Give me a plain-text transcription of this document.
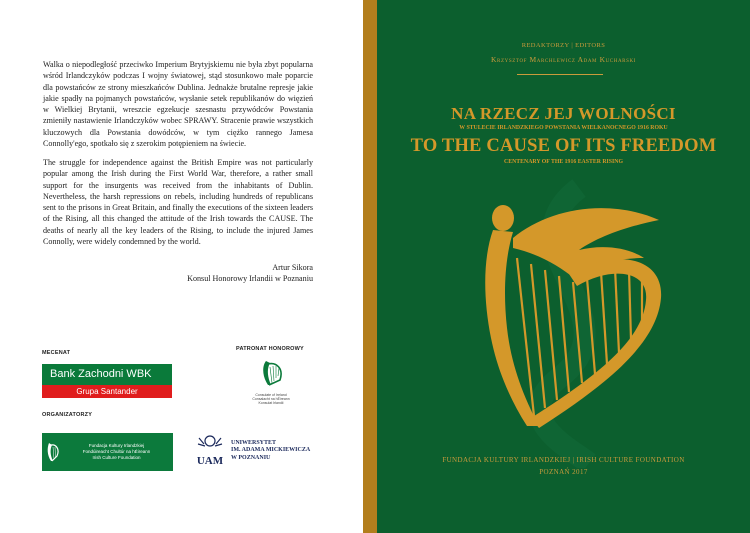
Walka o niepodległość przeciwko Imperium Brytyjskiemu nie była zbyt popularna wśród Irlandczyków podczas I wojny światowej, stąd stosunkowo małe poparcie dla powstańców ze strony mieszkańców Dublina. Jednakże brutalne represje jakie jakie spadły na pojmanych powstańców, wysłanie setek republikanów do więzień w Wielkiej Brytanii, wreszcie egzekucje szesnastu przywódców Powstania zmieniły nastawienie Irlandczyków wobec SPRAWY. Stracenie prawie wszystkich kluczowych dla Powstania dowódców, w tym ciężko rannego Jamesa Connolly'ego, spotkało się z szerokim potępieniem na świecie.

The struggle for independence against the British Empire was not particularly popular among the Irish during the First World War, therefore, a rather small support for the insurgents was received from the inhabitants of Dublin. Nevertheless, the harsh repressions on rebels, including hundreds of republicans sent to the prisons in Great Britain, and finally the executions of the sixteen leaders of the Rising, all this changed the attitude of the Irish towards the CAUSE. The deaths of nearly all the key leaders of the Rising, to include the injured James Connolly, were widely condemned by the world.

Artur Sikora
Konsul Honorowy Irlandii w Poznaniu
MECENAT
PATRONAT HONOROWY
ORGANIZATORZY
Bank Zachodni WBK
Grupa Santander	Consulate of Ireland
Consalacht na hÉireann
Konsulat Irlandii
Fundacja Kultury Irlandzkiej
Fondúireacht Chultúr na hÉireann
Irish Culture Foundation	UAM
UNIWERSYTET
IM. ADAMA MICKIEWICZA
W POZNANIU
REDAKTORZY | EDITORS
Krzysztof Marchlewicz Adam Kucharski
NA RZECZ JEJ WOLNOŚCI
W STULECIE IRLANDZKIEGO POWSTANIA WIELKANOCNEGO 1916 ROKU
TO THE CAUSE OF ITS FREEDOM
CENTENARY OF THE 1916 EASTER RISING
FUNDACJA KULTURY IRLANDZKIEJ | IRISH CULTURE FOUNDATION
POZNAŃ 2017
